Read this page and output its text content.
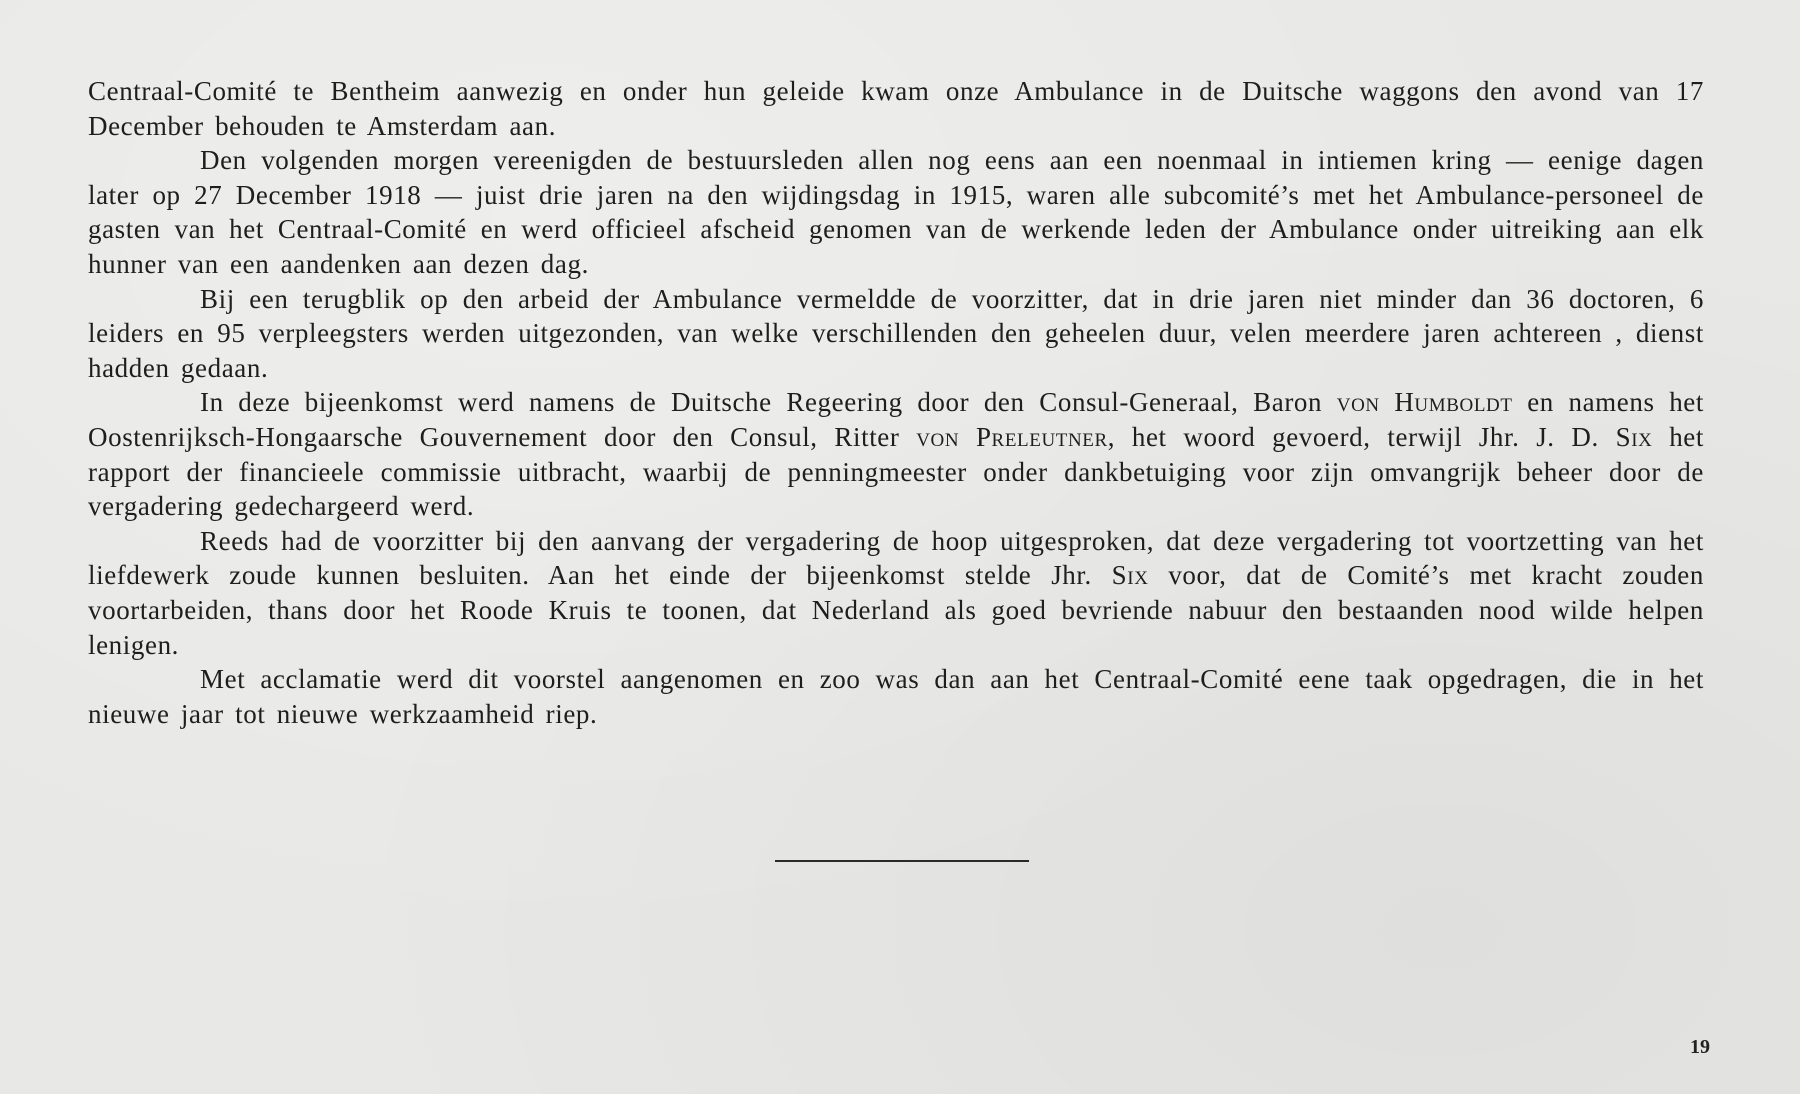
Centraal-Comité te Bentheim aanwezig en onder hun geleide kwam onze Ambulance in de Duitsche waggons den avond van 17 December behouden te Amsterdam aan.

Den volgenden morgen vereenigden de bestuursleden allen nog eens aan een noenmaal in intiemen kring — eenige dagen later op 27 December 1918 — juist drie jaren na den wijdingsdag in 1915, waren alle subcomité’s met het Ambulance-personeel de gasten van het Centraal-Comité en werd officieel afscheid genomen van de werkende leden der Ambulance onder uitreiking aan elk hunner van een aandenken aan dezen dag.

Bij een terugblik op den arbeid der Ambulance vermeldde de voorzitter, dat in drie jaren niet minder dan 36 doctoren, 6 leiders en 95 verpleegsters werden uitgezonden, van welke verschillenden den geheelen duur, velen meerdere jaren achtereen , dienst hadden gedaan.

In deze bijeenkomst werd namens de Duitsche Regeering door den Consul-Generaal, Baron von Humboldt en namens het Oostenrijksch-Hongaarsche Gouvernement door den Consul, Ritter von Preleutner, het woord gevoerd, terwijl Jhr. J. D. Six het rapport der financieele commissie uitbracht, waarbij de penningmeester onder dankbetuiging voor zijn omvangrijk beheer door de vergadering gedechargeerd werd.

Reeds had de voorzitter bij den aanvang der vergadering de hoop uitgesproken, dat deze vergadering tot voortzetting van het liefdewerk zoude kunnen besluiten. Aan het einde der bijeenkomst stelde Jhr. Six voor, dat de Comité’s met kracht zouden voortarbeiden, thans door het Roode Kruis te toonen, dat Nederland als goed bevriende nabuur den bestaanden nood wilde helpen lenigen.

Met acclamatie werd dit voorstel aangenomen en zoo was dan aan het Centraal-Comité eene taak opgedragen, die in het nieuwe jaar tot nieuwe werkzaamheid riep.

19
